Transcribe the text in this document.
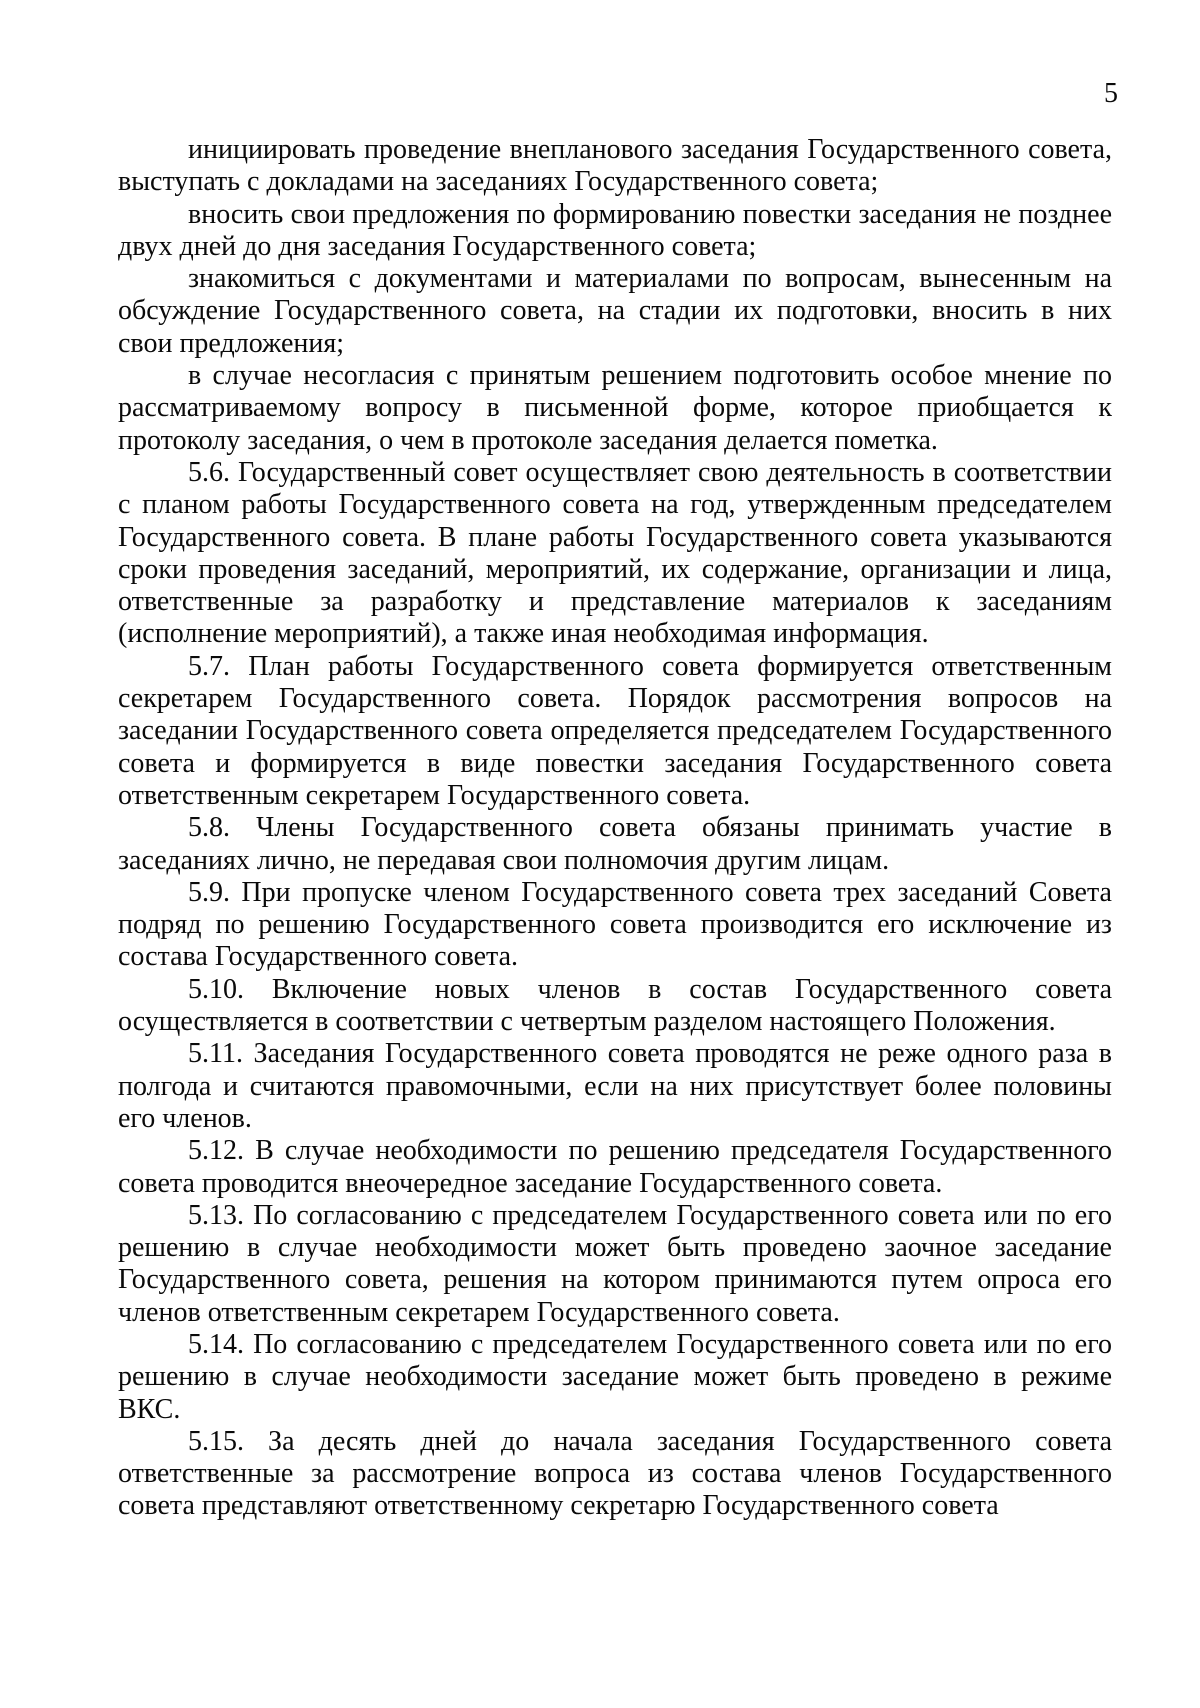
5

инициировать проведение внепланового заседания Государственного совета, выступать с докладами на заседаниях Государственного совета;

вносить свои предложения по формированию повестки заседания не позднее двух дней до дня заседания Государственного совета;

знакомиться с документами и материалами по вопросам, вынесенным на обсуждение Государственного совета, на стадии их подготовки, вносить в них свои предложения;

в случае несогласия с принятым решением подготовить особое мнение по рассматриваемому вопросу в письменной форме, которое приобщается к протоколу заседания, о чем в протоколе заседания делается пометка.

5.6. Государственный совет осуществляет свою деятельность в соответствии с планом работы Государственного совета на год, утвержденным председателем Государственного совета. В плане работы Государственного совета указываются сроки проведения заседаний, мероприятий, их содержание, организации и лица, ответственные за разработку и представление материалов к заседаниям (исполнение мероприятий), а также иная необходимая информация.

5.7. План работы Государственного совета формируется ответственным секретарем Государственного совета. Порядок рассмотрения вопросов на заседании Государственного совета определяется председателем Государственного совета и формируется в виде повестки заседания Государственного совета ответственным секретарем Государственного совета.

5.8. Члены Государственного совета обязаны принимать участие в заседаниях лично, не передавая свои полномочия другим лицам.

5.9. При пропуске членом Государственного совета трех заседаний Совета подряд по решению Государственного совета производится его исключение из состава Государственного совета.

5.10. Включение новых членов в состав Государственного совета осуществляется в соответствии с четвертым разделом настоящего Положения.

5.11. Заседания Государственного совета проводятся не реже одного раза в полгода и считаются правомочными, если на них присутствует более половины его членов.

5.12. В случае необходимости по решению председателя Государственного совета проводится внеочередное заседание Государственного совета.

5.13. По согласованию с председателем Государственного совета или по его решению в случае необходимости может быть проведено заочное заседание Государственного совета, решения на котором принимаются путем опроса его членов ответственным секретарем Государственного совета.

5.14. По согласованию с председателем Государственного совета или по его решению в случае необходимости заседание может быть проведено в режиме ВКС.

5.15. За десять дней до начала заседания Государственного совета ответственные за рассмотрение вопроса из состава членов Государственного совета представляют ответственному секретарю Государственного совета
